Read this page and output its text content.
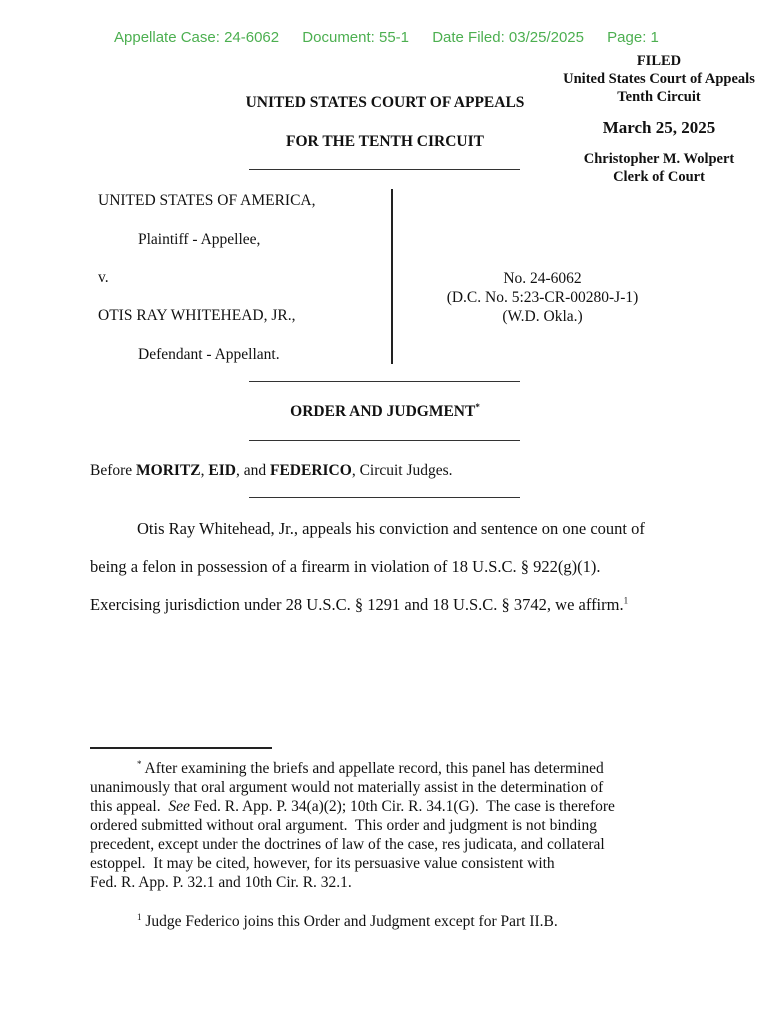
Appellate Case: 24-6062 Document: 55-1 Date Filed: 03/25/2025 Page: 1
FILED
United States Court of Appeals
Tenth Circuit
March 25, 2025
Christopher M. Wolpert
Clerk of Court
UNITED STATES COURT OF APPEALS
FOR THE TENTH CIRCUIT
UNITED STATES OF AMERICA,
Plaintiff - Appellee,
v.
OTIS RAY WHITEHEAD, JR.,
Defendant - Appellant.
No. 24-6062
(D.C. No. 5:23-CR-00280-J-1)
(W.D. Okla.)
ORDER AND JUDGMENT*
Before MORITZ, EID, and FEDERICO, Circuit Judges.
Otis Ray Whitehead, Jr., appeals his conviction and sentence on one count of
being a felon in possession of a firearm in violation of 18 U.S.C. § 922(g)(1).
Exercising jurisdiction under 28 U.S.C. § 1291 and 18 U.S.C. § 3742, we affirm.$^1$

* After examining the briefs and appellate record, this panel has determined

unanimously that oral argument would not materially assist in the determination of

this appeal.  See Fed. R. App. P. 34(a)(2); 10th Cir. R. 34.1(G).  The case is therefore

ordered submitted without oral argument.  This order and judgment is not binding

precedent, except under the doctrines of law of the case, res judicata, and collateral

estoppel.  It may be cited, however, for its persuasive value consistent with

Fed. R. App. P. 32.1 and 10th Cir. R. 32.1.

$^1$ Judge Federico joins this Order and Judgment except for Part II.B.
